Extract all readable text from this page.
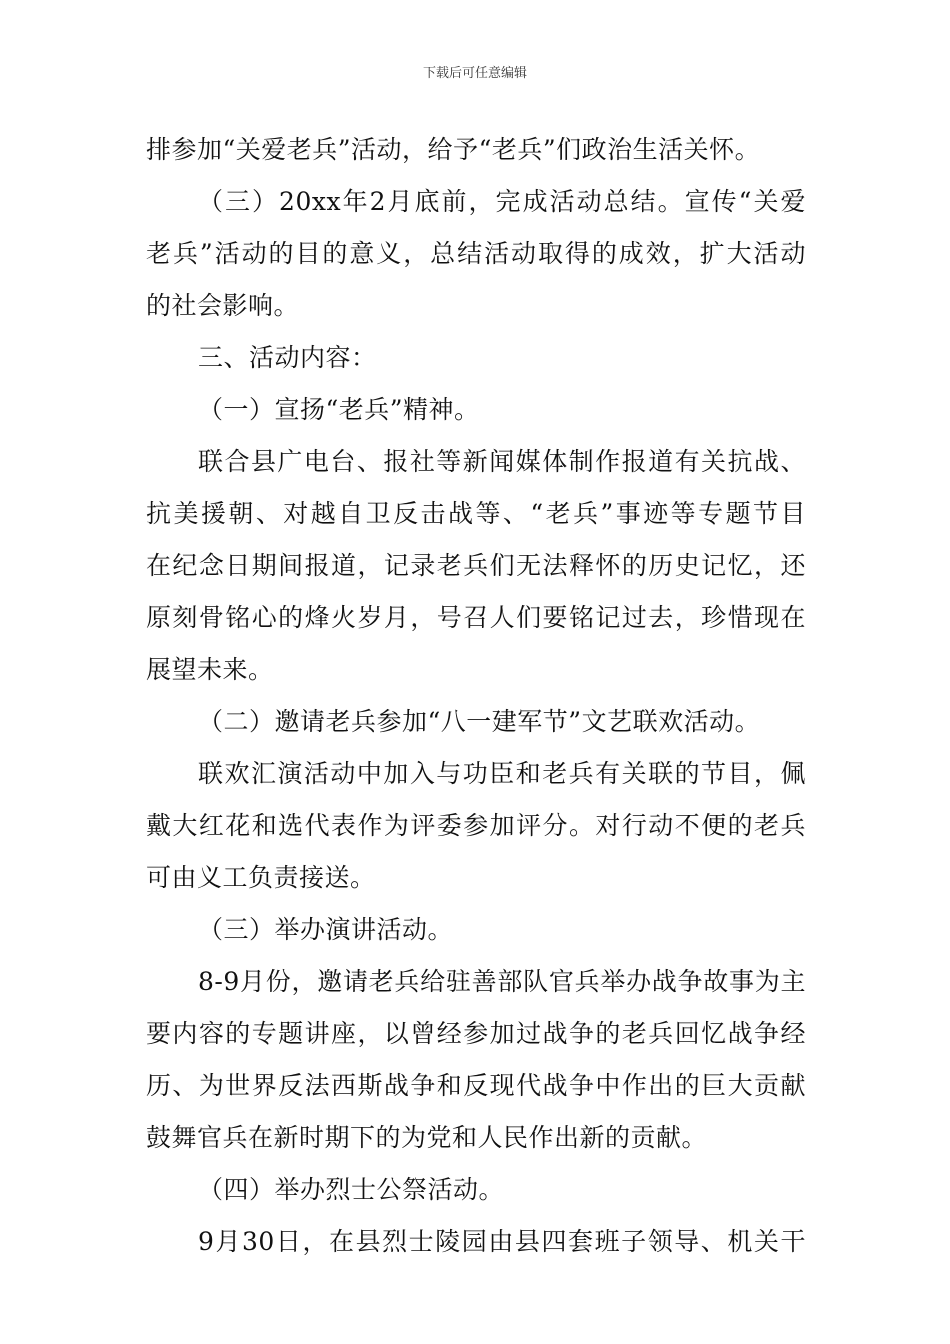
下载后可任意编辑
排参加“关爱老兵”活动，给予“老兵”们政治生活关怀。
（三）20xx年2月底前，完成活动总结。宣传“关爱
老兵”活动的目的意义，总结活动取得的成效，扩大活动
的社会影响。
三、活动内容：
（一）宣扬“老兵”精神。
联合县广电台、报社等新闻媒体制作报道有关抗战、
抗美援朝、对越自卫反击战等、“老兵”事迹等专题节目
在纪念日期间报道，记录老兵们无法释怀的历史记忆，还
原刻骨铭心的烽火岁月，号召人们要铭记过去，珍惜现在
展望未来。
（二）邀请老兵参加“八一建军节”文艺联欢活动。
联欢汇演活动中加入与功臣和老兵有关联的节目，佩
戴大红花和选代表作为评委参加评分。对行动不便的老兵
可由义工负责接送。
（三）举办演讲活动。
8-9月份，邀请老兵给驻善部队官兵举办战争故事为主
要内容的专题讲座，以曾经参加过战争的老兵回忆战争经
历、为世界反法西斯战争和反现代战争中作出的巨大贡献
鼓舞官兵在新时期下的为党和人民作出新的贡献。
（四）举办烈士公祭活动。
9月30日，在县烈士陵园由县四套班子领导、机关干
